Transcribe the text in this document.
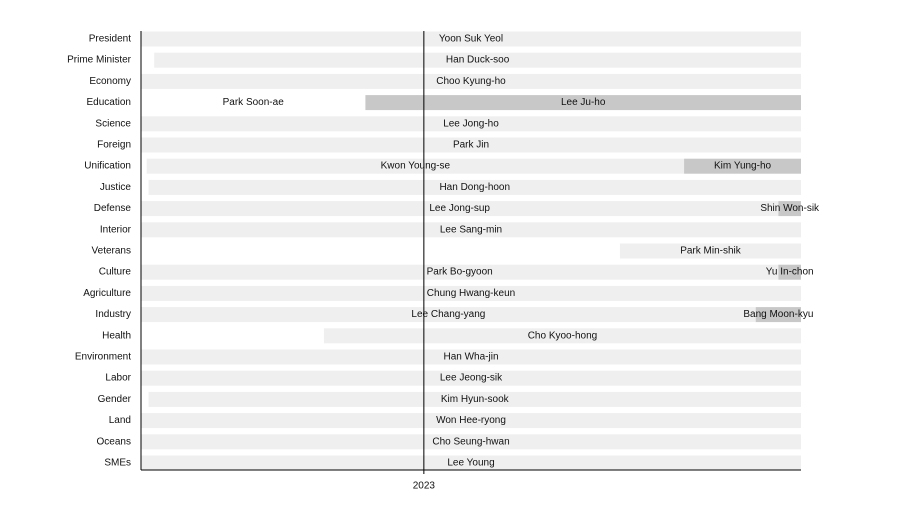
President	Yoon Suk Yeol
Prime Minister	Han Duck-soo
Economy	Choo Kyung-ho
Education	Park Soon-ae	Lee Ju-ho
Science	Lee Jong-ho
Foreign	Park Jin
Unification	Kwon Young-se	Kim Yung-ho
Justice	Han Dong-hoon
Defense	Lee Jong-sup	Shin Won-sik
Interior	Lee Sang-min
Veterans	Park Min-shik
Culture	Park Bo-gyoon	Yu In-chon
Agriculture	Chung Hwang-keun
Industry	Lee Chang-yang	Bang Moon-kyu
Health	Cho Kyoo-hong
Environment	Han Wha-jin
Labor	Lee Jeong-sik
Gender	Kim Hyun-sook
Land	Won Hee-ryong
Oceans	Cho Seung-hwan
SMEs	Lee Young
2023
